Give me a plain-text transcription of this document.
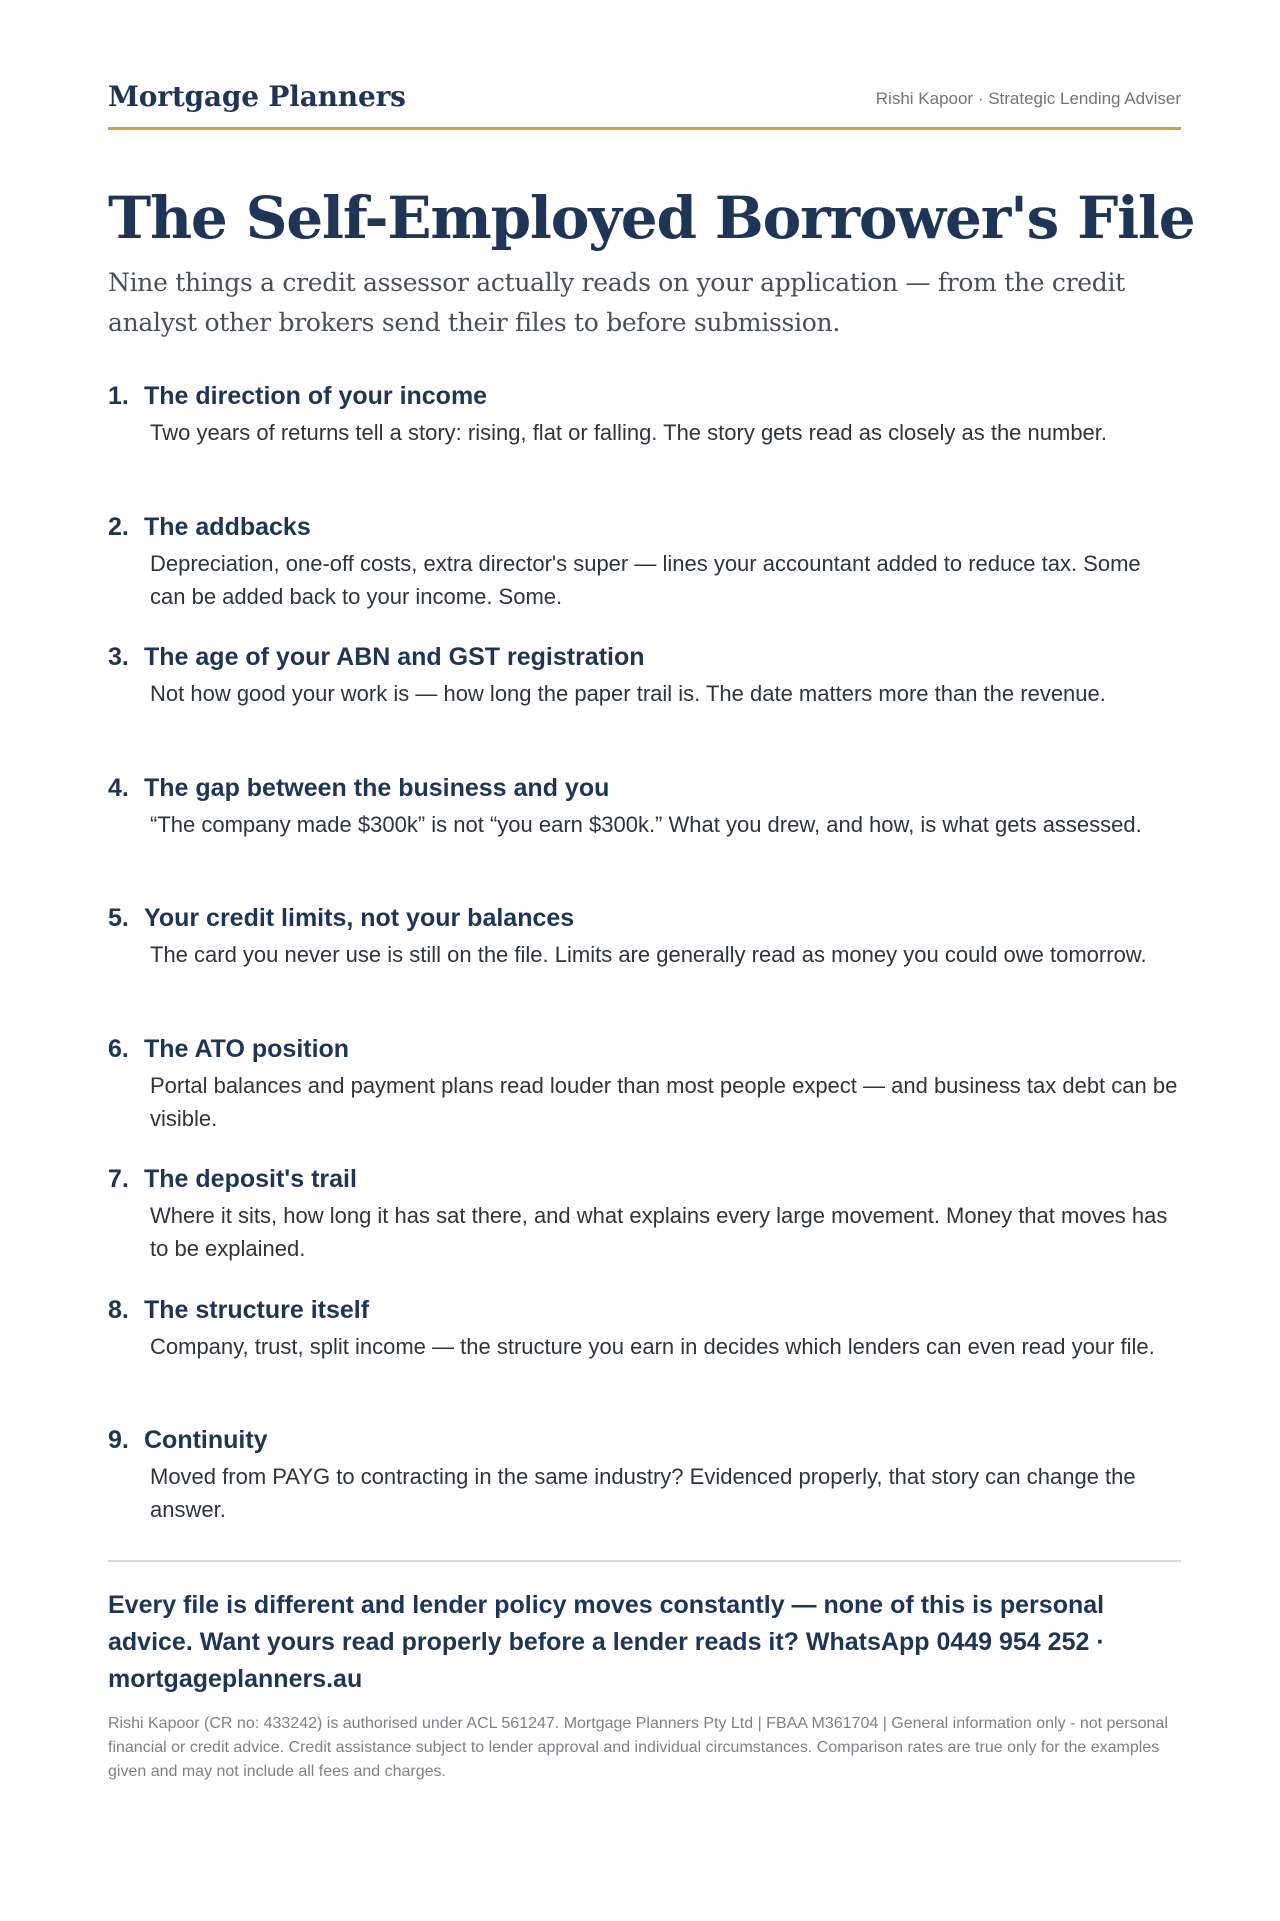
Mortgage Planners	Rishi Kapoor · Strategic Lending Adviser
The Self-Employed Borrower's File

Nine things a credit assessor actually reads on your application — from the credit analyst other brokers send their files to before submission.

1. The direction of your income

Two years of returns tell a story: rising, flat or falling. The story gets read as closely as the number.

2. The addbacks

Depreciation, one-off costs, extra director's super — lines your accountant added to reduce tax. Some can be added back to your income. Some.

3. The age of your ABN and GST registration

Not how good your work is — how long the paper trail is. The date matters more than the revenue.

4. The gap between the business and you

“The company made $300k” is not “you earn $300k.” What you drew, and how, is what gets assessed.

5. Your credit limits, not your balances

The card you never use is still on the file. Limits are generally read as money you could owe tomorrow.

6. The ATO position

Portal balances and payment plans read louder than most people expect — and business tax debt can be visible.

7. The deposit's trail

Where it sits, how long it has sat there, and what explains every large movement. Money that moves has to be explained.

8. The structure itself

Company, trust, split income — the structure you earn in decides which lenders can even read your file.

9. Continuity

Moved from PAYG to contracting in the same industry? Evidenced properly, that story can change the answer.

Every file is different and lender policy moves constantly — none of this is personal advice. Want yours read properly before a lender reads it? WhatsApp 0449 954 252 · mortgageplanners.au

Rishi Kapoor (CR no: 433242) is authorised under ACL 561247. Mortgage Planners Pty Ltd | FBAA M361704 | General information only - not personal financial or credit advice. Credit assistance subject to lender approval and individual circumstances. Comparison rates are true only for the examples given and may not include all fees and charges.
